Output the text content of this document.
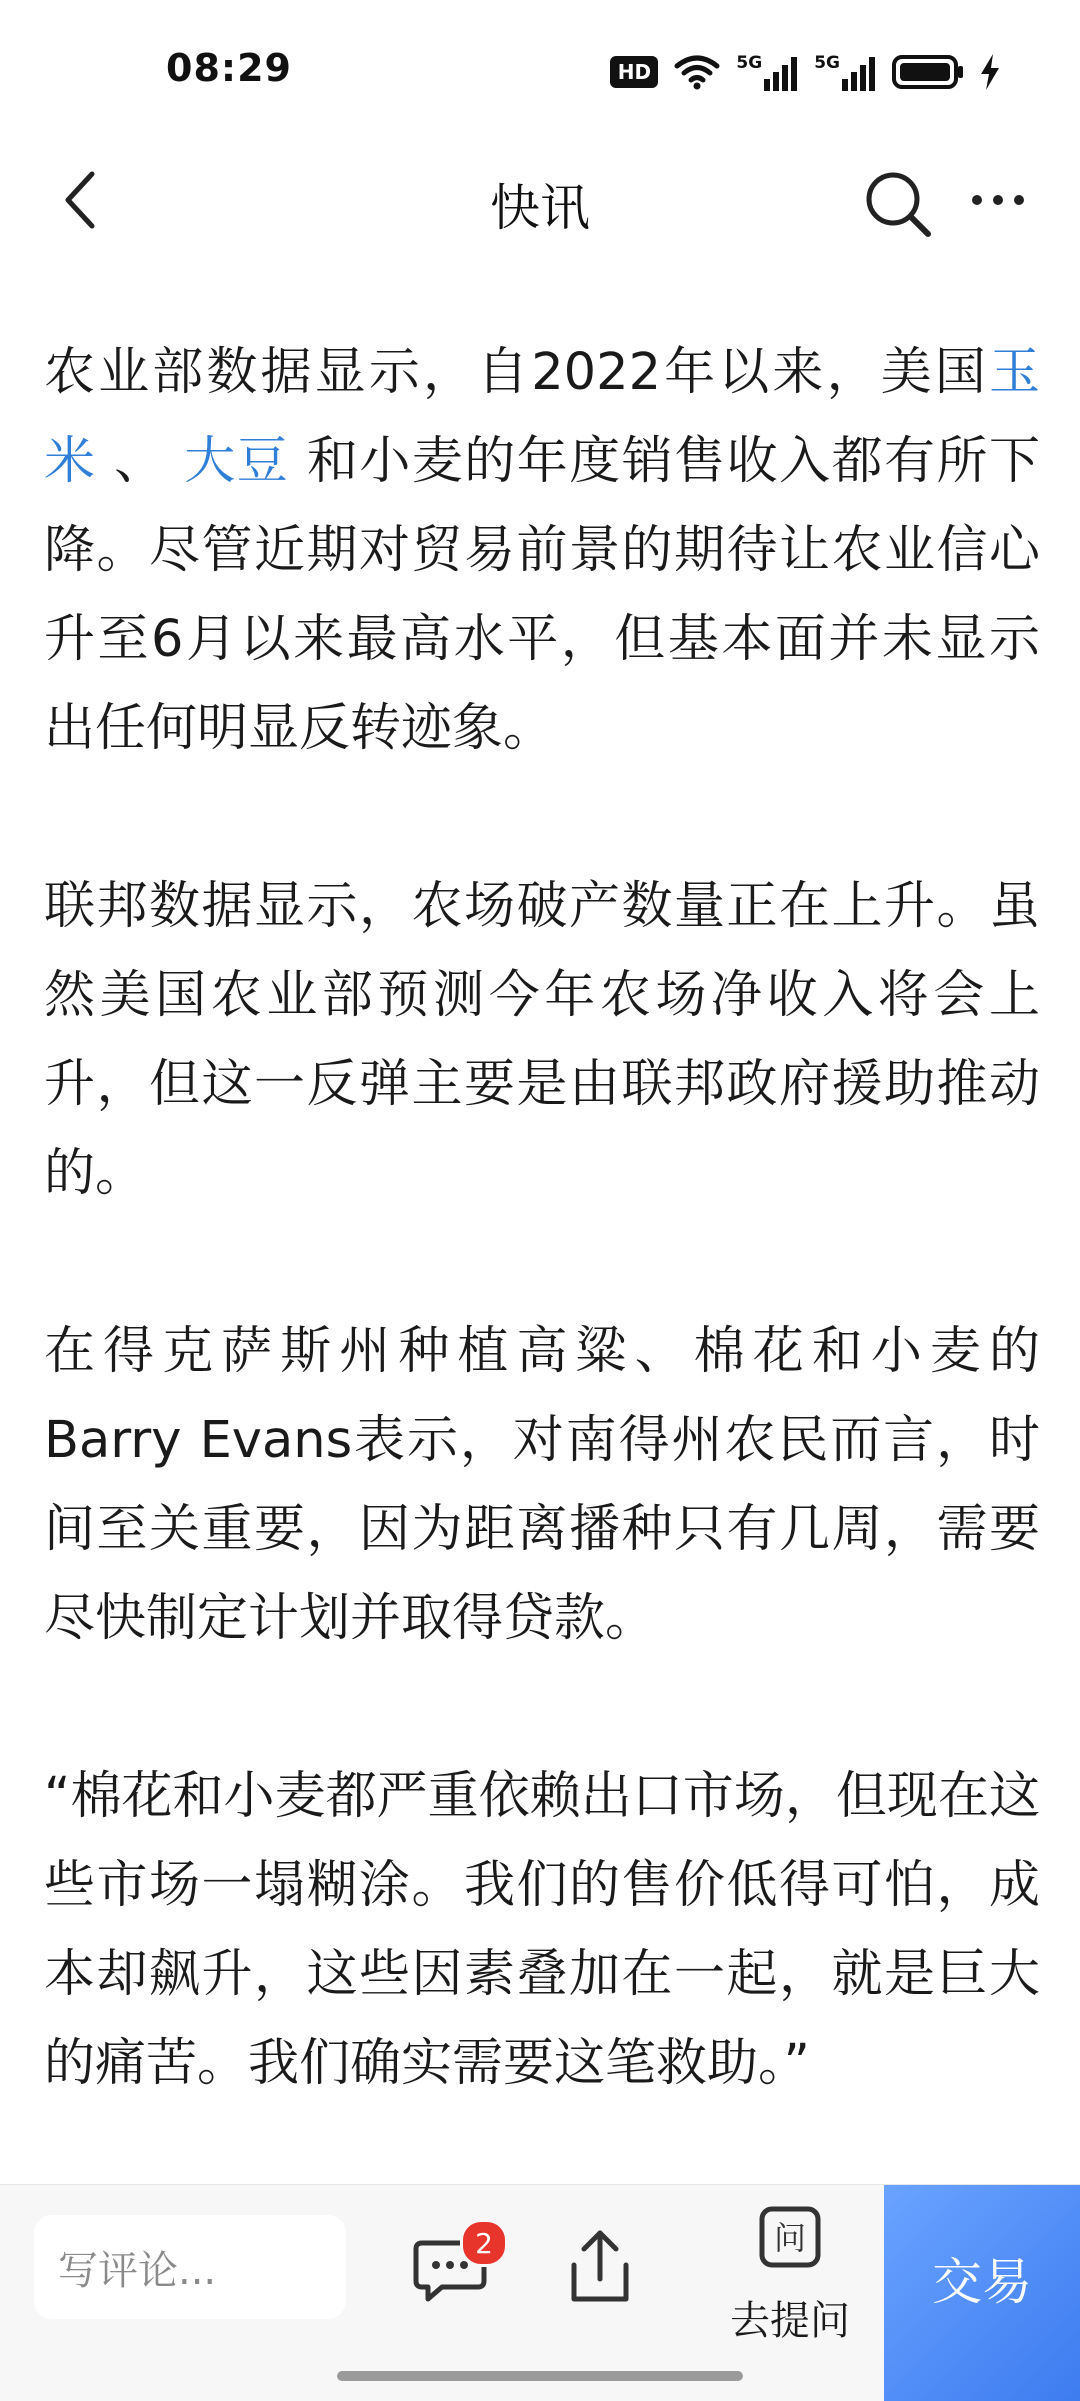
08:29	HD	5G	5G
快讯

农业部数据显示，自2022年以来，美国玉米 、 大豆 和小麦的年度销售收入都有所下降。尽管近期对贸易前景的期待让农业信心升至6月以来最高水平，但基本面并未显示出任何明显反转迹象。

联邦数据显示，农场破产数量正在上升。虽然美国农业部预测今年农场净收入将会上升，但这一反弹主要是由联邦政府援助推动的。

在得克萨斯州种植高粱、棉花和小麦的Barry Evans表示，对南得州农民而言，时间至关重要，因为距离播种只有几周，需要尽快制定计划并取得贷款。

“棉花和小麦都严重依赖出口市场，但现在这些市场一塌糊涂。我们的售价低得可怕，成本却飙升，这些因素叠加在一起，就是巨大的痛苦。我们确实需要这笔救助。”

写评论...
2	问
去提问
交易
